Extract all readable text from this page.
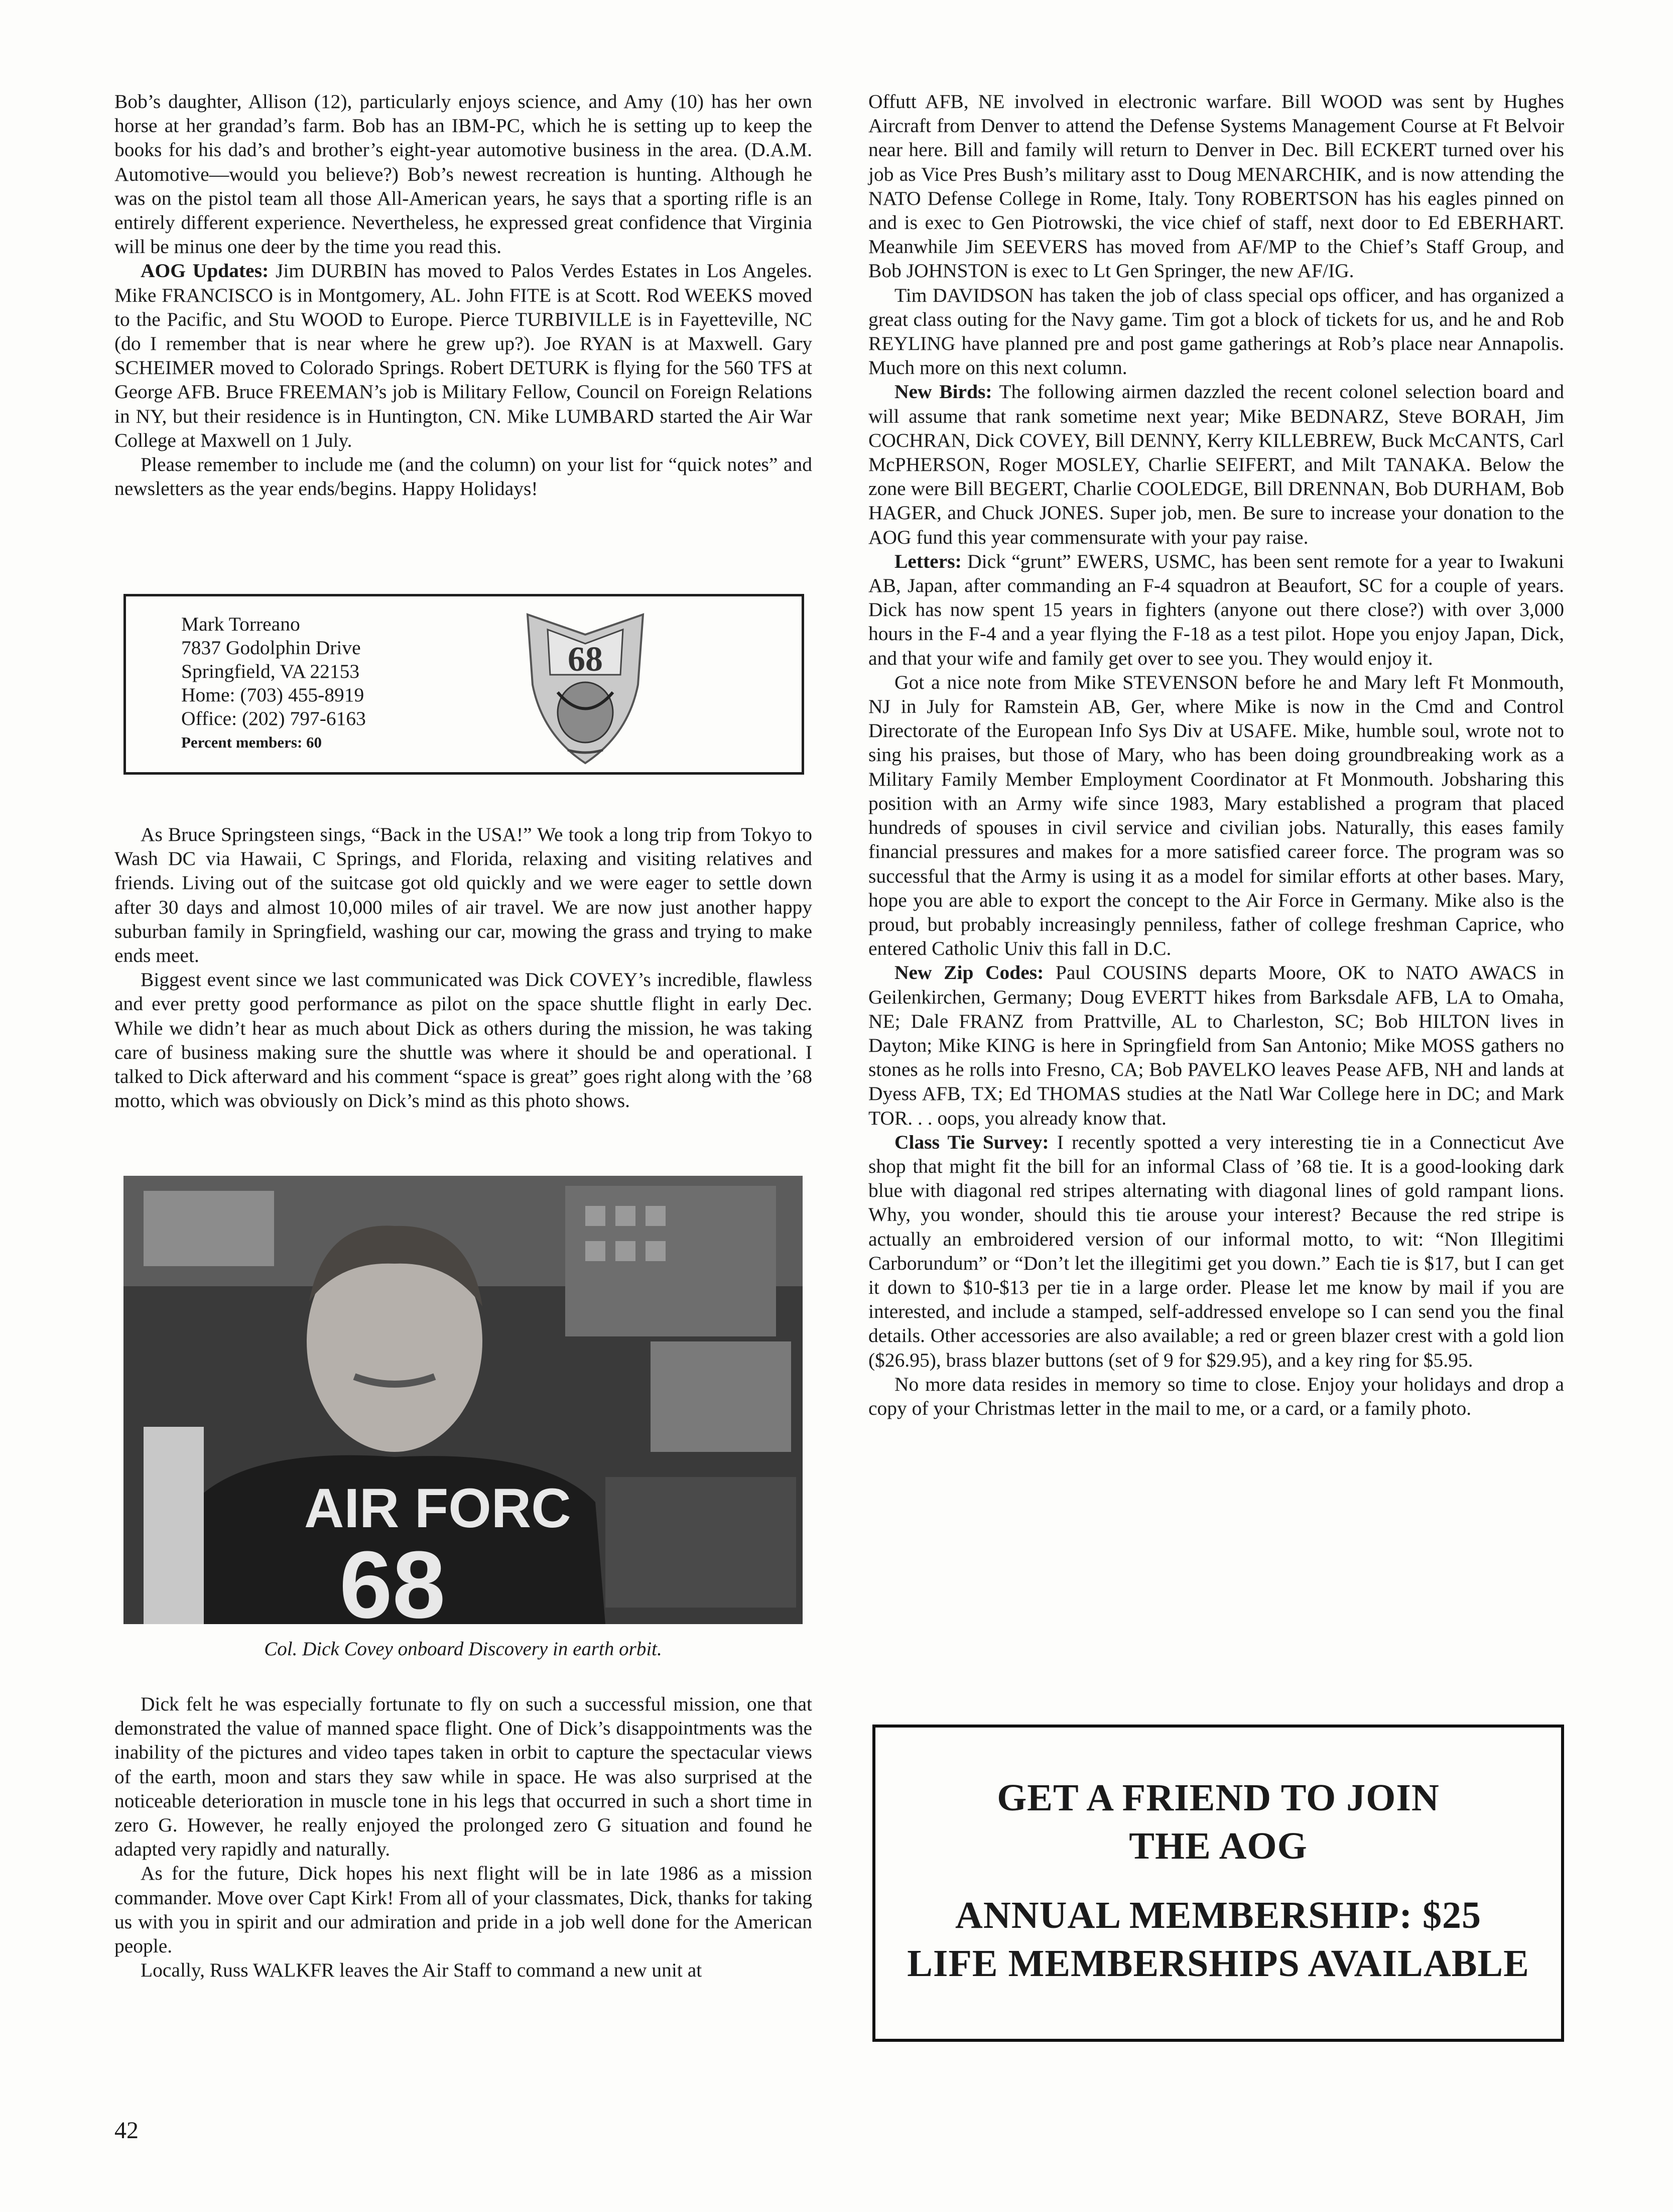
Bob’s daughter, Allison (12), particularly enjoys science, and Amy (10) has her own horse at her grandad’s farm. Bob has an IBM-PC, which he is setting up to keep the books for his dad’s and brother’s eight-year automotive business in the area. (D.A.M. Automotive—would you believe?) Bob’s newest recreation is hunting. Although he was on the pistol team all those All-American years, he says that a sporting rifle is an entirely different experience. Nevertheless, he expressed great confidence that Virginia will be minus one deer by the time you read this.

AOG Updates: Jim DURBIN has moved to Palos Verdes Estates in Los Angeles. Mike FRANCISCO is in Montgomery, AL. John FITE is at Scott. Rod WEEKS moved to the Pacific, and Stu WOOD to Europe. Pierce TURBIVILLE is in Fayetteville, NC (do I remember that is near where he grew up?). Joe RYAN is at Maxwell. Gary SCHEIMER moved to Colorado Springs. Robert DETURK is flying for the 560 TFS at George AFB. Bruce FREEMAN’s job is Military Fellow, Council on Foreign Relations in NY, but their residence is in Huntington, CN. Mike LUMBARD started the Air War College at Maxwell on 1 July.

Please remember to include me (and the column) on your list for “quick notes” and newsletters as the year ends/begins. Happy Holidays!

Mark Torreano
7837 Godolphin Drive
Springfield, VA 22153
Home: (703) 455-8919
Office: (202) 797-6163
Percent members: 60
68

As Bruce Springsteen sings, “Back in the USA!” We took a long trip from Tokyo to Wash DC via Hawaii, C Springs, and Florida, relaxing and visiting relatives and friends. Living out of the suitcase got old quickly and we were eager to settle down after 30 days and almost 10,000 miles of air travel. We are now just another happy suburban family in Springfield, washing our car, mowing the grass and trying to make ends meet.

Biggest event since we last communicated was Dick COVEY’s incredible, flawless and ever pretty good performance as pilot on the space shuttle flight in early Dec. While we didn’t hear as much about Dick as others during the mission, he was taking care of business making sure the shuttle was where it should be and operational. I talked to Dick afterward and his comment “space is great” goes right along with the ’68 motto, which was obviously on Dick’s mind as this photo shows.

AIR FORC
68
Col. Dick Covey onboard Discovery in earth orbit.

Dick felt he was especially fortunate to fly on such a successful mission, one that demonstrated the value of manned space flight. One of Dick’s disappointments was the inability of the pictures and video tapes taken in orbit to capture the spectacular views of the earth, moon and stars they saw while in space. He was also surprised at the noticeable deterioration in muscle tone in his legs that occurred in such a short time in zero G. However, he really enjoyed the prolonged zero G situation and found he adapted very rapidly and naturally.

As for the future, Dick hopes his next flight will be in late 1986 as a mission commander. Move over Capt Kirk! From all of your classmates, Dick, thanks for taking us with you in spirit and our admiration and pride in a job well done for the American people.

Locally, Russ WALKFR leaves the Air Staff to command a new unit at

Offutt AFB, NE involved in electronic warfare. Bill WOOD was sent by Hughes Aircraft from Denver to attend the Defense Systems Management Course at Ft Belvoir near here. Bill and family will return to Denver in Dec. Bill ECKERT turned over his job as Vice Pres Bush’s military asst to Doug MENARCHIK, and is now attending the NATO Defense College in Rome, Italy. Tony ROBERTSON has his eagles pinned on and is exec to Gen Piotrowski, the vice chief of staff, next door to Ed EBERHART. Meanwhile Jim SEEVERS has moved from AF/MP to the Chief’s Staff Group, and Bob JOHNSTON is exec to Lt Gen Springer, the new AF/IG.

Tim DAVIDSON has taken the job of class special ops officer, and has organized a great class outing for the Navy game. Tim got a block of tickets for us, and he and Rob REYLING have planned pre and post game gatherings at Rob’s place near Annapolis. Much more on this next column.

New Birds: The following airmen dazzled the recent colonel selection board and will assume that rank sometime next year; Mike BEDNARZ, Steve BORAH, Jim COCHRAN, Dick COVEY, Bill DENNY, Kerry KILLEBREW, Buck McCANTS, Carl McPHERSON, Roger MOSLEY, Charlie SEIFERT, and Milt TANAKA. Below the zone were Bill BEGERT, Charlie COOLEDGE, Bill DRENNAN, Bob DURHAM, Bob HAGER, and Chuck JONES. Super job, men. Be sure to increase your donation to the AOG fund this year commensurate with your pay raise.

Letters: Dick “grunt” EWERS, USMC, has been sent remote for a year to Iwakuni AB, Japan, after commanding an F-4 squadron at Beaufort, SC for a couple of years. Dick has now spent 15 years in fighters (anyone out there close?) with over 3,000 hours in the F-4 and a year flying the F-18 as a test pilot. Hope you enjoy Japan, Dick, and that your wife and family get over to see you. They would enjoy it.

Got a nice note from Mike STEVENSON before he and Mary left Ft Monmouth, NJ in July for Ramstein AB, Ger, where Mike is now in the Cmd and Control Directorate of the European Info Sys Div at USAFE. Mike, humble soul, wrote not to sing his praises, but those of Mary, who has been doing groundbreaking work as a Military Family Member Employment Coordinator at Ft Monmouth. Jobsharing this position with an Army wife since 1983, Mary established a program that placed hundreds of spouses in civil service and civilian jobs. Naturally, this eases family financial pressures and makes for a more satisfied career force. The program was so successful that the Army is using it as a model for similar efforts at other bases. Mary, hope you are able to export the concept to the Air Force in Germany. Mike also is the proud, but probably increasingly penniless, father of college freshman Caprice, who entered Catholic Univ this fall in D.C.

New Zip Codes: Paul COUSINS departs Moore, OK to NATO AWACS in Geilenkirchen, Germany; Doug EVERTT hikes from Barksdale AFB, LA to Omaha, NE; Dale FRANZ from Prattville, AL to Charleston, SC; Bob HILTON lives in Dayton; Mike KING is here in Springfield from San Antonio; Mike MOSS gathers no stones as he rolls into Fresno, CA; Bob PAVELKO leaves Pease AFB, NH and lands at Dyess AFB, TX; Ed THOMAS studies at the Natl War College here in DC; and Mark TOR. . . oops, you already know that.

Class Tie Survey: I recently spotted a very interesting tie in a Connecticut Ave shop that might fit the bill for an informal Class of ’68 tie. It is a good-looking dark blue with diagonal red stripes alternating with diagonal lines of gold rampant lions. Why, you wonder, should this tie arouse your interest? Because the red stripe is actually an embroidered version of our informal motto, to wit: “Non Illegitimi Carborundum” or “Don’t let the illegitimi get you down.” Each tie is $17, but I can get it down to $10-$13 per tie in a large order. Please let me know by mail if you are interested, and include a stamped, self-addressed envelope so I can send you the final details. Other accessories are also available; a red or green blazer crest with a gold lion ($26.95), brass blazer buttons (set of 9 for $29.95), and a key ring for $5.95.

No more data resides in memory so time to close. Enjoy your holidays and drop a copy of your Christmas letter in the mail to me, or a card, or a family photo.

GET A FRIEND TO JOIN
THE AOG
ANNUAL MEMBERSHIP: $25
LIFE MEMBERSHIPS AVAILABLE
42
